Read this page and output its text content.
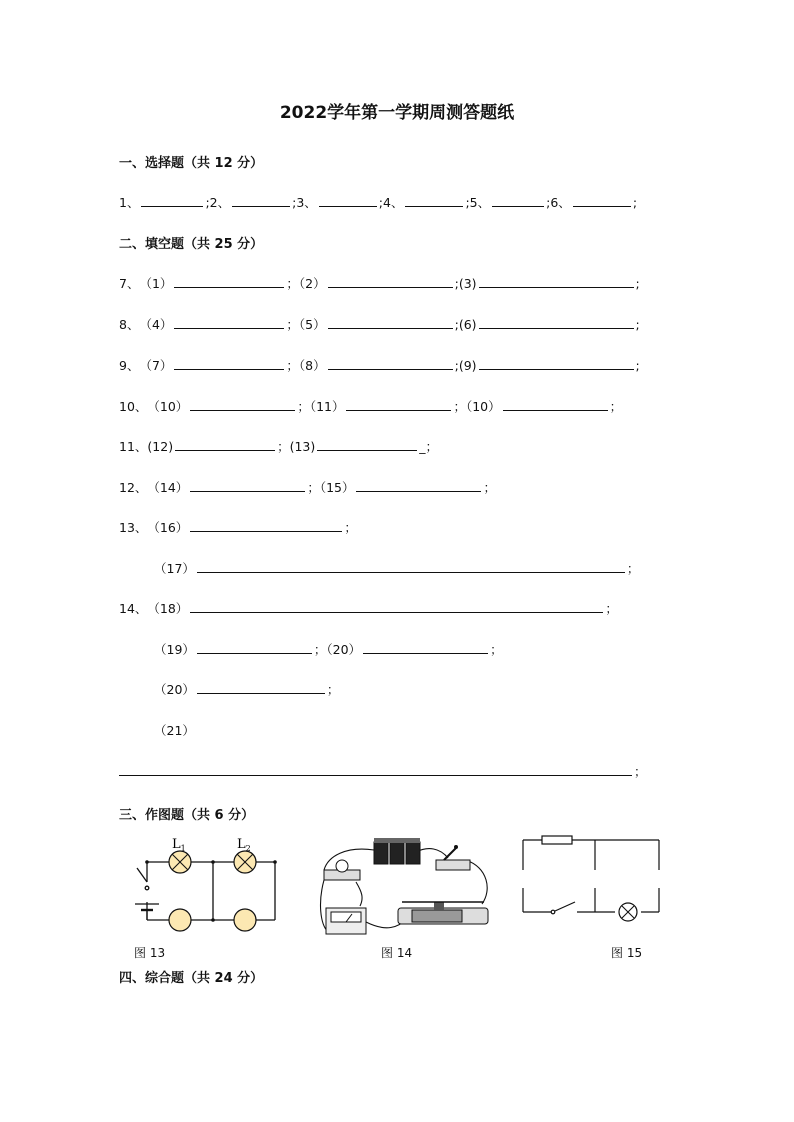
2022学年第一学期周测答题纸
一、选择题（共 12 分）
1、	;2、	;3、	;4、	;5、	;6、	;
二、填空题（共 25 分）
7、（1）	；（2）	;(3)	;
8、（4）	；（5）	;(6)	;
9、（7）	；（8）	;(9)	;
10、（10）	；（11）	；（10）	；
11、(12)	；(13)	_；
12、（14）	；（15）	；
13、（16）	；
（17）	；
14、（18）	；
（19）	；（20）	；
（20）	；
（21）
；
三、作图题（共 6 分）
$L_1$	$L_2$
图 13	图 14	图 15
四、综合题（共 24 分）
